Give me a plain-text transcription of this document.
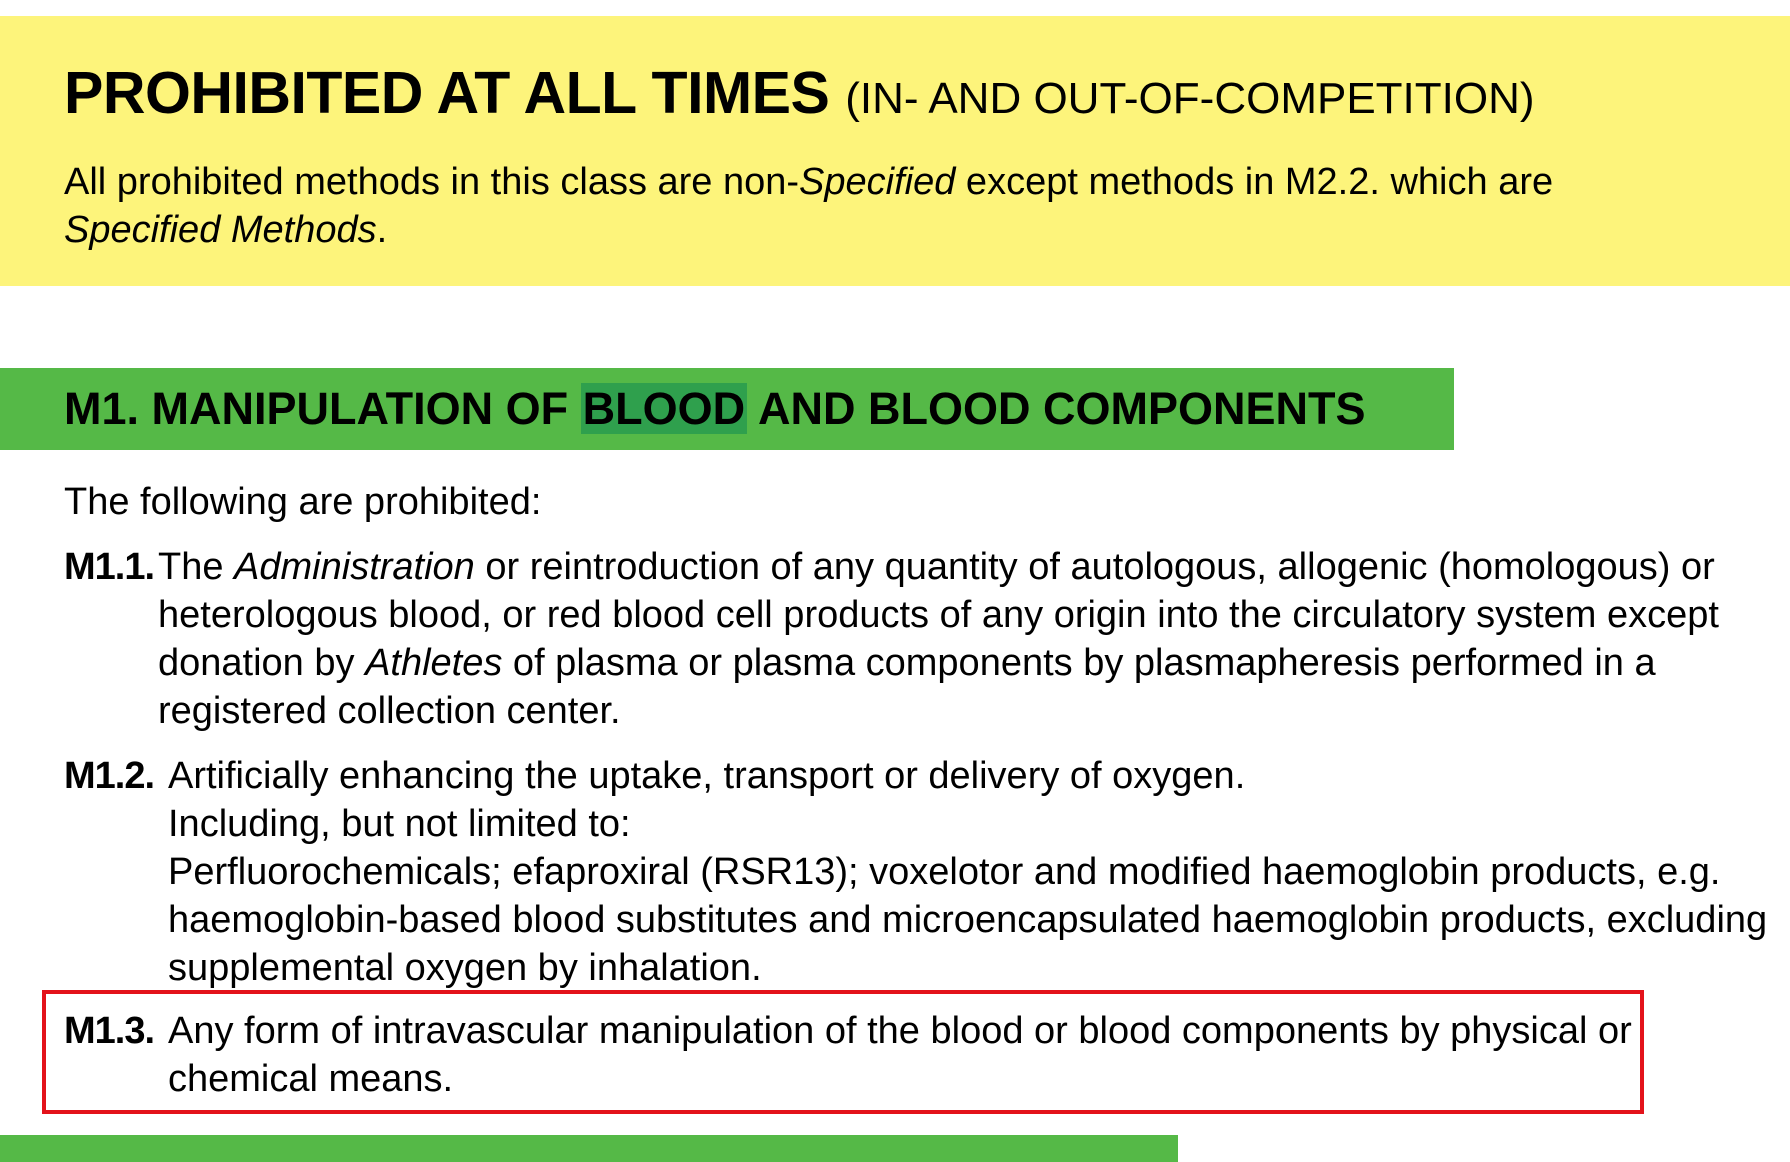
PROHIBITED AT ALL TIMES (IN- AND OUT-OF-COMPETITION)
All prohibited methods in this class are non-Specified except methods in M2.2. which are Specified Methods.
M1. MANIPULATION OF BLOOD AND BLOOD COMPONENTS
The following are prohibited:
M1.1. The Administration or reintroduction of any quantity of autologous, allogenic (homologous) or heterologous blood, or red blood cell products of any origin into the circulatory system except donation by Athletes of plasma or plasma components by plasmapheresis performed in a registered collection center.
M1.2. Artificially enhancing the uptake, transport or delivery of oxygen.
Including, but not limited to:
Perfluorochemicals; efaproxiral (RSR13); voxelotor and modified haemoglobin products, e.g. haemoglobin-based blood substitutes and microencapsulated haemoglobin products, excluding supplemental oxygen by inhalation.
M1.3. Any form of intravascular manipulation of the blood or blood components by physical or chemical means.
